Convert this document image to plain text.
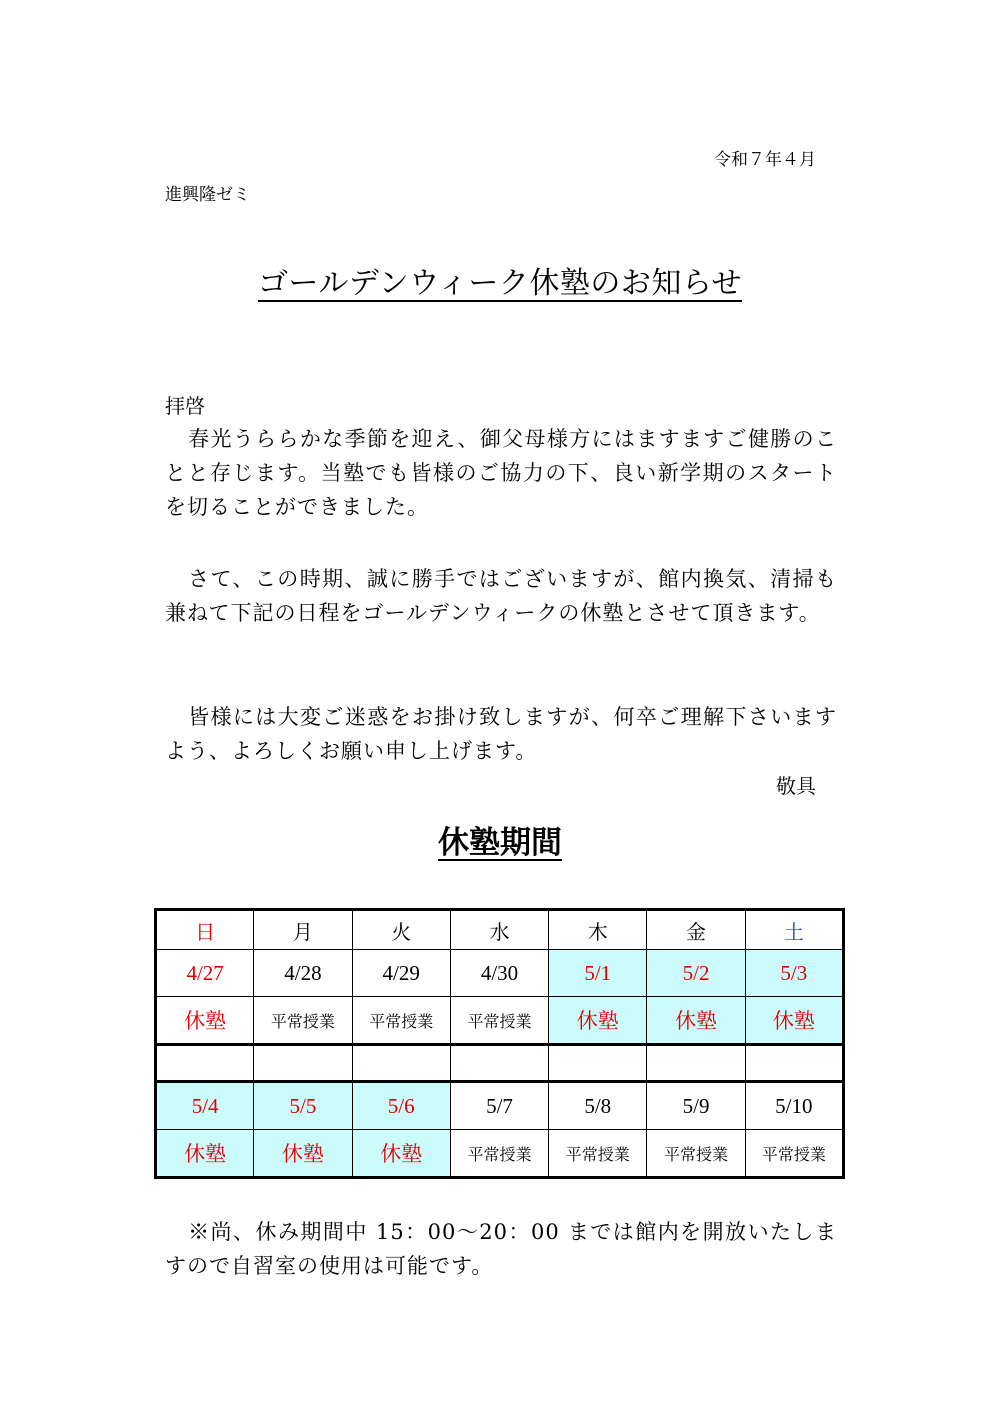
令和７年４月
進興隆ゼミ
ゴールデンウィーク休塾のお知らせ
拝啓
春光うららかな季節を迎え、御父母様方にはますますご健勝のことと存じます。当塾でも皆様のご協力の下、良い新学期のスタートを切ることができました。
さて、この時期、誠に勝手ではございますが、館内換気、清掃も兼ねて下記の日程をゴールデンウィークの休塾とさせて頂きます。
皆様には大変ご迷惑をお掛け致しますが、何卒ご理解下さいますよう、よろしくお願い申し上げます。
敬具
休塾期間
日	月	火	水	木	金	土
4/27	4/28	4/29	4/30	5/1	5/2	5/3
休塾	平常授業	平常授業	平常授業	休塾	休塾	休塾

5/4	5/5	5/6	5/7	5/8	5/9	5/10
休塾	休塾	休塾	平常授業	平常授業	平常授業	平常授業
※尚、休み期間中 15：00～20：00 までは館内を開放いたしますので自習室の使用は可能です。
